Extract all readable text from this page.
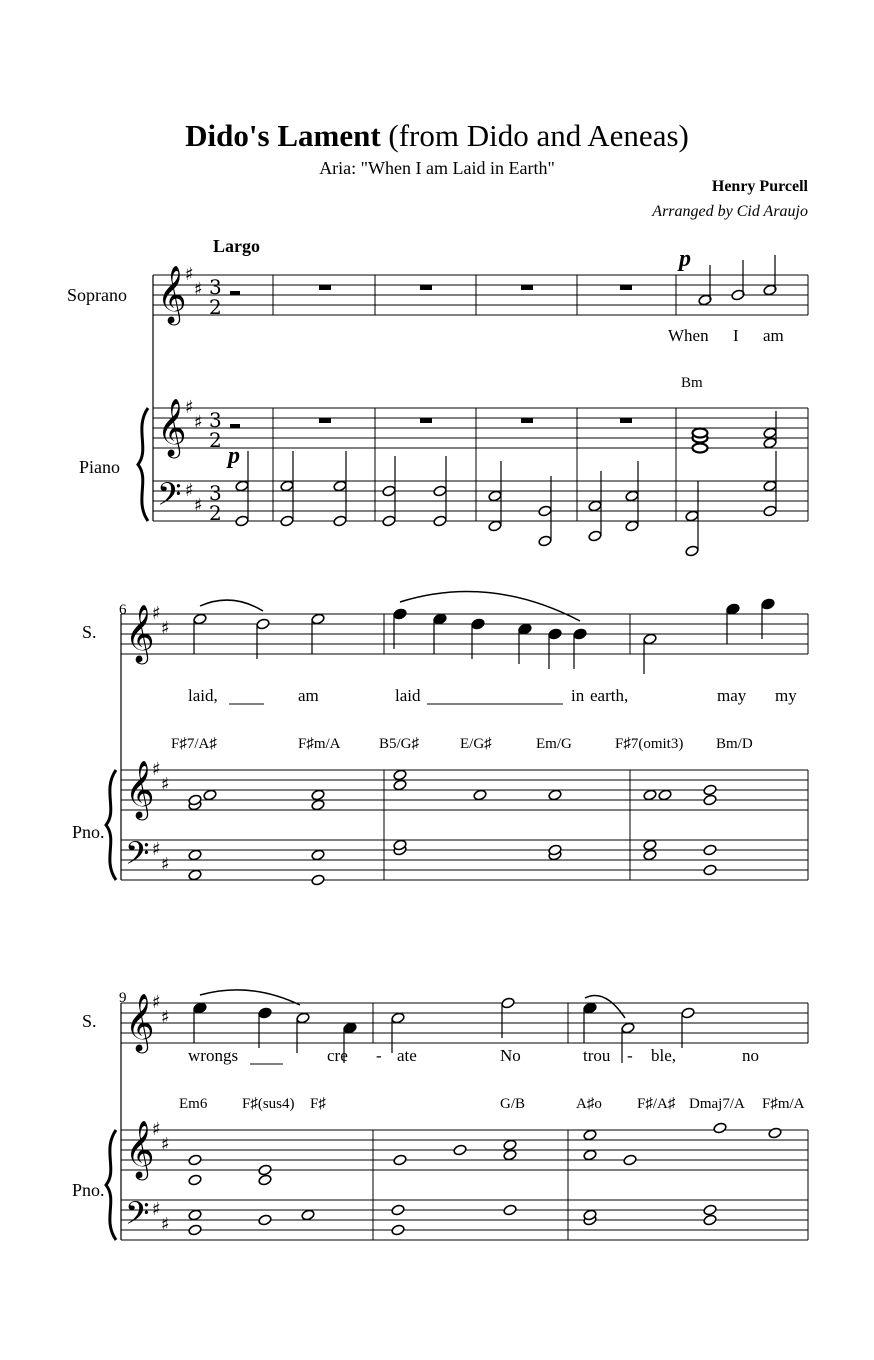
Dido's Lament (from Dido and Aeneas)
Aria: "When I am Laid in Earth"
Henry Purcell
Arranged by Cid Araujo
Largo
Soprano
Piano
S.
Pno.
S.
Pno.
6
9
p
p
When I am
Bm
laid,	am	laid	in earth,	may my
F♯7/A♯	F♯m/A	B5/G♯	E/G♯	Em/G	F♯7(omit3) Bm/D
wrongs	cre - ate	No	trou - ble,	no
Em6 F♯(sus4) F♯	G/B	A♯o F♯/A♯ Dmaj7/A F♯m/A
𝄞
♯
♯ 3
2
𝄞
♯
♯ 3
2
𝄢 ♯
♯
3
2
𝄞
♯
♯
𝄞
♯
♯
𝄢 ♯
♯
𝄞
♯
♯
𝄞
♯
♯
𝄢 ♯
♯
